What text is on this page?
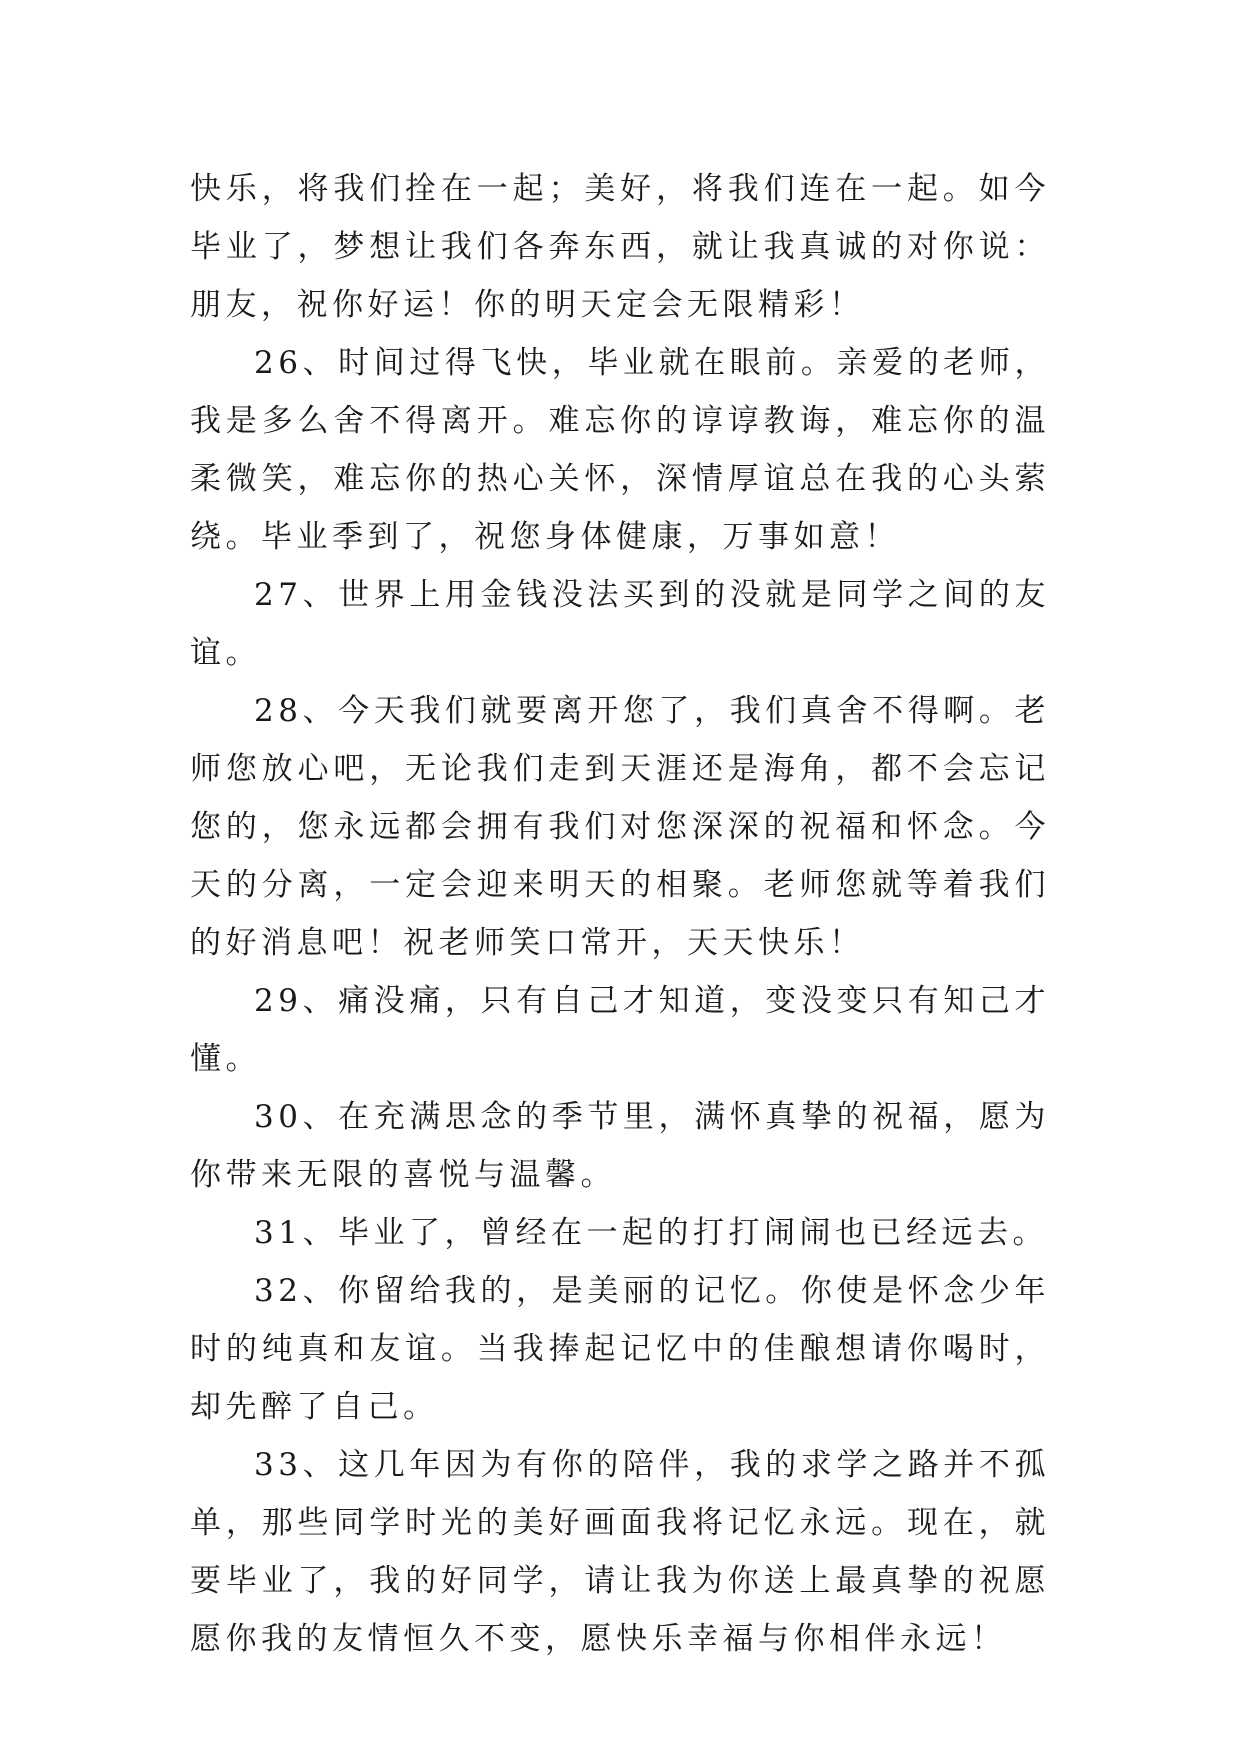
快乐，将我们拴在一起；美好，将我们连在一起。如今毕业了，梦想让我们各奔东西，就让我真诚的对你说：朋友，祝你好运！你的明天定会无限精彩！

26、时间过得飞快，毕业就在眼前。亲爱的老师，我是多么舍不得离开。难忘你的谆谆教诲，难忘你的温柔微笑，难忘你的热心关怀，深情厚谊总在我的心头萦绕。毕业季到了，祝您身体健康，万事如意！

27、世界上用金钱没法买到的没就是同学之间的友谊。

28、今天我们就要离开您了，我们真舍不得啊。老师您放心吧，无论我们走到天涯还是海角，都不会忘记您的，您永远都会拥有我们对您深深的祝福和怀念。今天的分离，一定会迎来明天的相聚。老师您就等着我们的好消息吧！祝老师笑口常开，天天快乐！

29、痛没痛，只有自己才知道，变没变只有知己才懂。

30、在充满思念的季节里，满怀真挚的祝福，愿为你带来无限的喜悦与温馨。

31、毕业了，曾经在一起的打打闹闹也已经远去。

32、你留给我的，是美丽的记忆。你使是怀念少年时的纯真和友谊。当我捧起记忆中的佳酿想请你喝时，却先醉了自己。

33、这几年因为有你的陪伴，我的求学之路并不孤单，那些同学时光的美好画面我将记忆永远。现在，就要毕业了，我的好同学，请让我为你送上最真挚的祝愿愿你我的友情恒久不变，愿快乐幸福与你相伴永远！
